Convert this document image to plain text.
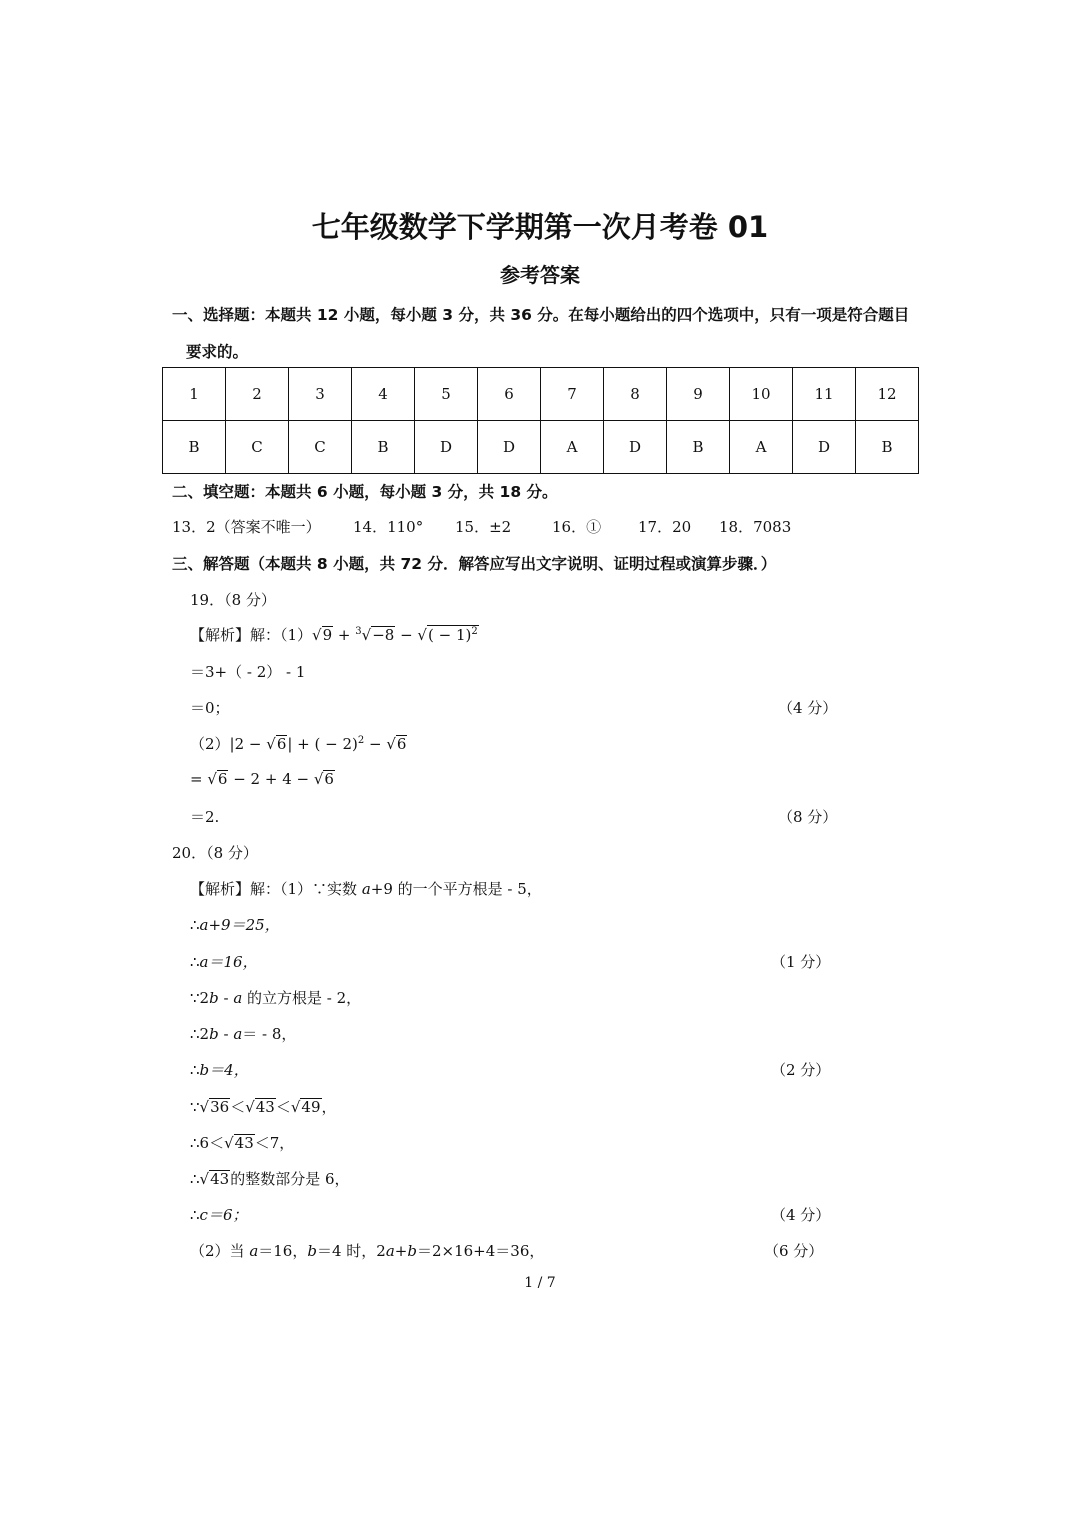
七年级数学下学期第一次月考卷 01
参考答案
一、选择题：本题共 12 小题，每小题 3 分，共 36 分。在每小题给出的四个选项中，只有一项是符合题目
要求的。
1	2	3	4	5	6	7	8	9	10	11	12
B	C	C	B	D	D	A	D	B	A	D	B
二、填空题：本题共 6 小题，每小题 3 分，共 18 分。
13．2（答案不唯一） 14．110° 15．±2	16．① 17．20 18．7083
三、解答题（本题共 8 小题，共 72 分．解答应写出文字说明、证明过程或演算步骤．）
19．（8 分）
【解析】解：（1）√9 + $^3$√−8 − √( − 1)$^2$
＝3+（ - 2） - 1
＝0；	（4 分）
（2）|2 − √6| + ( − 2)$^2$ − √6
= √6 − 2 + 4 − √6
＝2.	（8 分）
20．（8 分）
【解析】解：（1）∵实数 a+9 的一个平方根是 - 5，
∴a+9＝25，
∴a＝16，	（1 分）
∵2b - a 的立方根是 - 2，
∴2b - a＝ - 8，
∴b＝4，	（2 分）
∵√36＜√43＜√49，
∴6＜√43＜7，
∴√43的整数部分是 6，
∴c＝6；	（4 分）
（2）当 a＝16，b＝4 时，2a+b＝2×16+4＝36，	（6 分）
1 / 7
